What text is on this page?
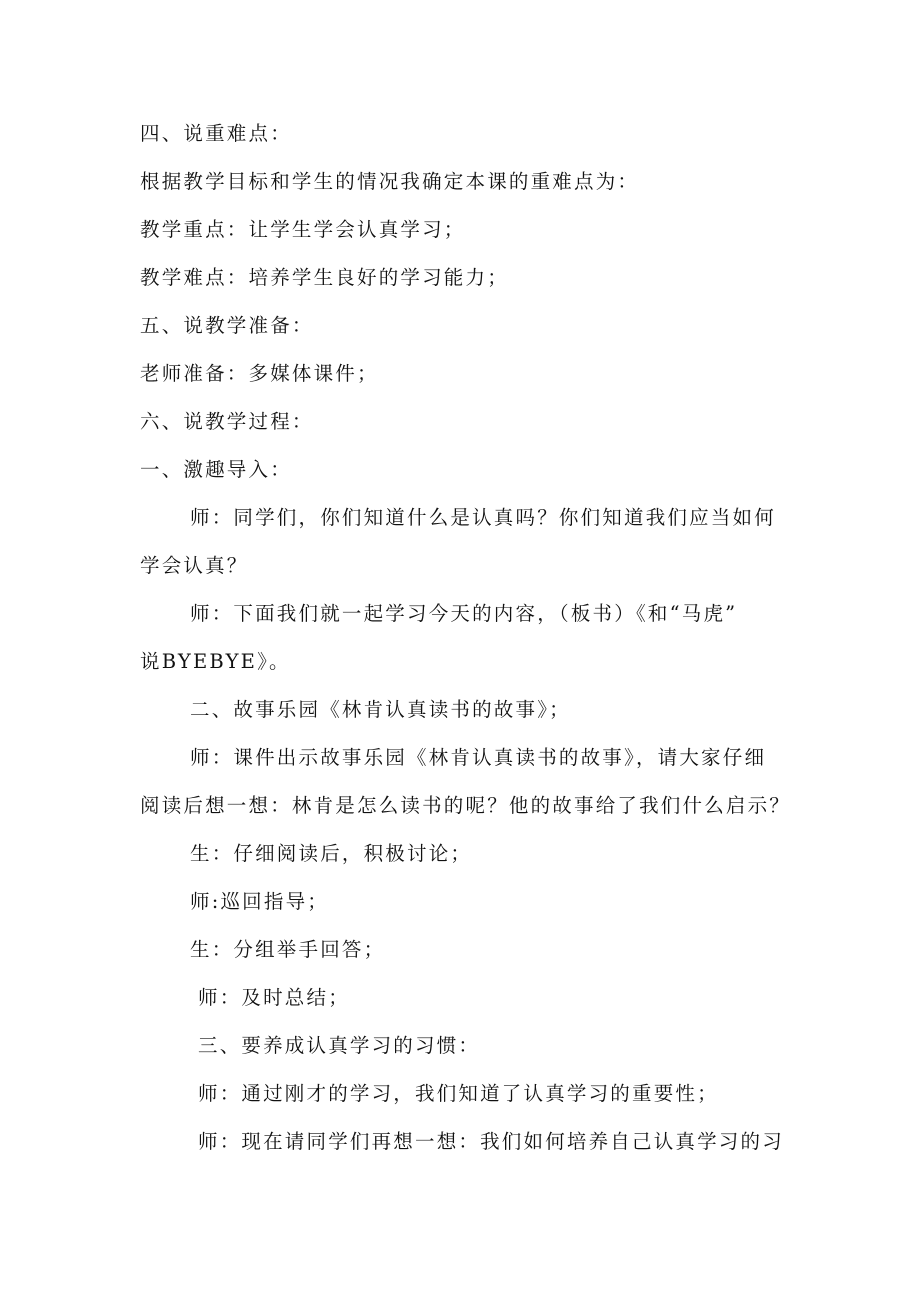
四、说重难点：
根据教学目标和学生的情况我确定本课的重难点为：
教学重点：让学生学会认真学习；
教学难点：培养学生良好的学习能力；
五、说教学准备：
老师准备：多媒体课件；
六、说教学过程：
一、激趣导入：
师：同学们，你们知道什么是认真吗？你们知道我们应当如何
学会认真？
师：下面我们就一起学习今天的内容，（板书）《和“马虎”
说BYEBYE》。
二、故事乐园《林肯认真读书的故事》；
师：课件出示故事乐园《林肯认真读书的故事》，请大家仔细
阅读后想一想：林肯是怎么读书的呢？他的故事给了我们什么启示？
生：仔细阅读后，积极讨论；
师:巡回指导；
生：分组举手回答；
师：及时总结；
三、要养成认真学习的习惯：
师：通过刚才的学习，我们知道了认真学习的重要性；
师：现在请同学们再想一想：我们如何培养自己认真学习的习
